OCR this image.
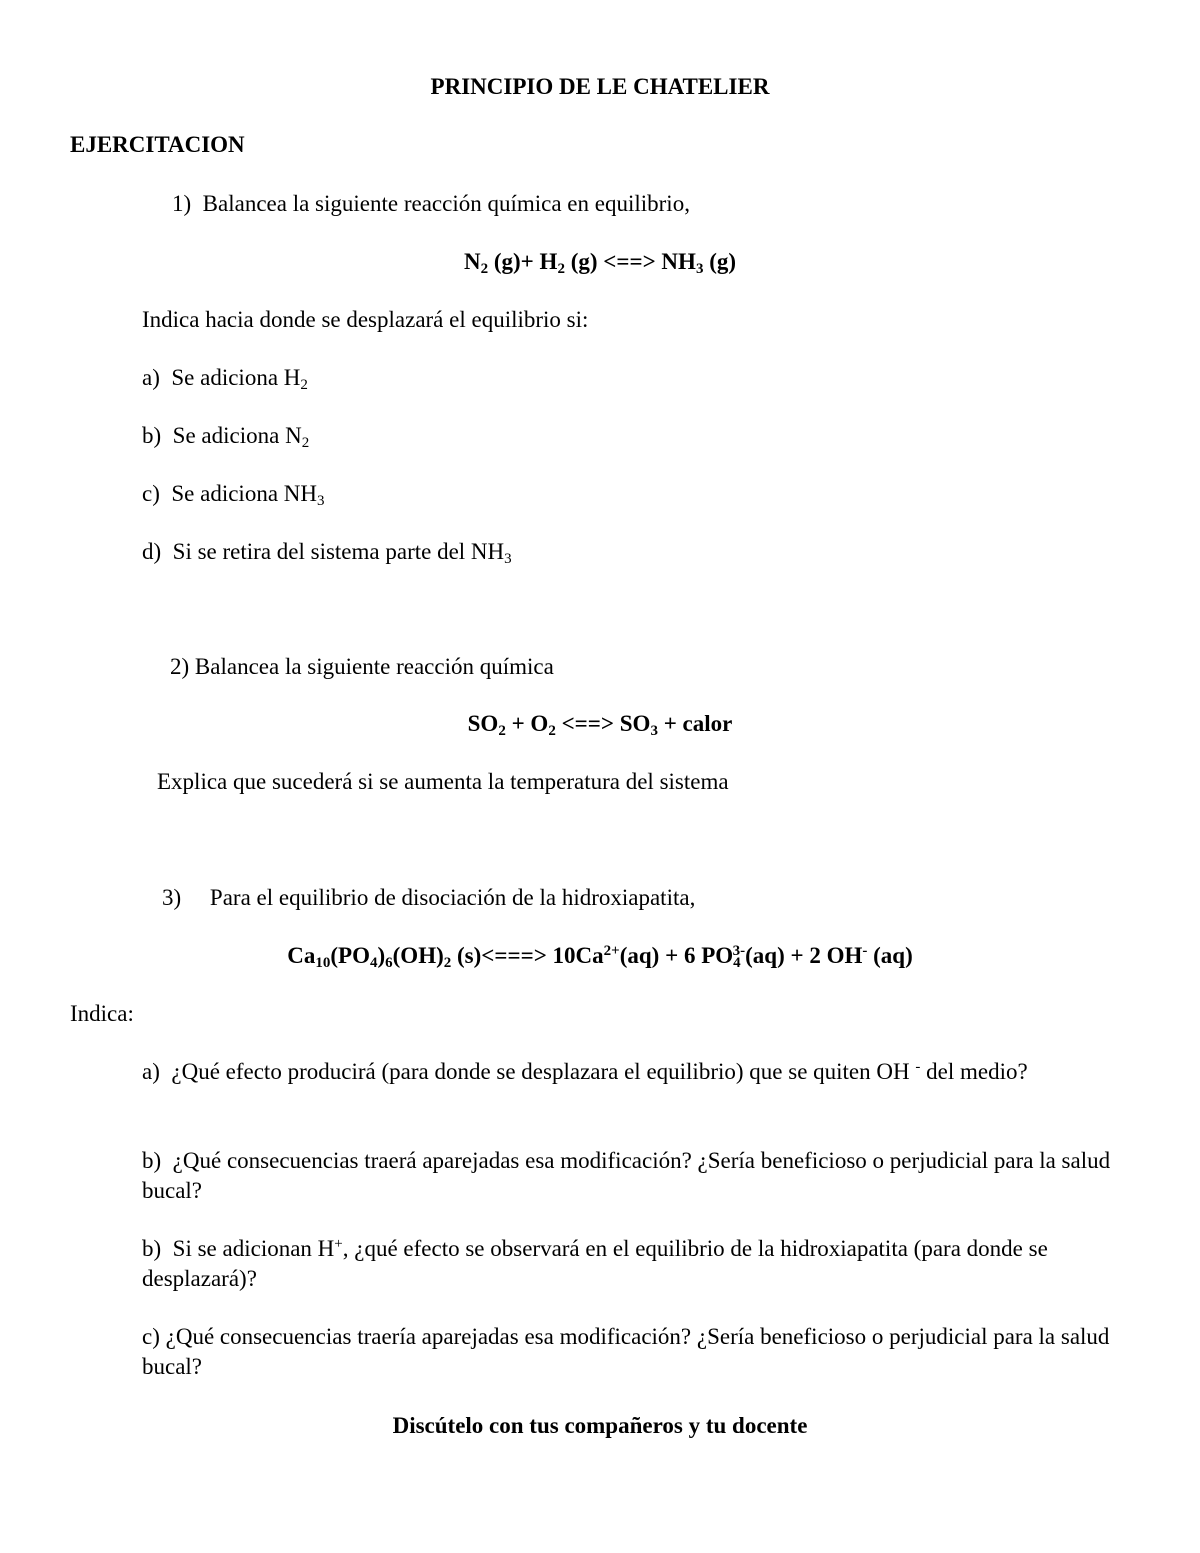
PRINCIPIO DE LE CHATELIER
EJERCITACION
1) Balancea la siguiente reacción química en equilibrio,
$N_2$ $(g)+ H_2$ (g) <==> $NH_3$ (g)
Indica hacia donde se desplazará el equilibrio si:
a) Se adiciona $H_2$
b) Se adiciona $N_2$
c) Se adiciona $NH_3$
d) Si se retira del sistema parte del $NH_3$
2) Balancea la siguiente reacción química
$SO_2 + O_2$ <==> $SO_3$ + calor
Explica que sucederá si se aumenta la temperatura del sistema
3) Para el equilibrio de disociación de la hidroxiapatita,
$Ca_{10}(PO_4)_6(OH)_2$ $(s)<===> 10Ca^{2+}(aq) + 6$ $PO_4^{3-}(aq) + 2$ OH- (aq)
Indica:
a) ¿Qué efecto producirá (para donde se desplazara el equilibrio) que se quiten OH - del medio?
b) ¿Qué consecuencias traerá aparejadas esa modificación? ¿Sería beneficioso o perjudicial para la salud bucal?
b) Si se adicionan H+, ¿qué efecto se observará en el equilibrio de la hidroxiapatita (para donde se desplazará)?
c) ¿Qué consecuencias traería aparejadas esa modificación? ¿Sería beneficioso o perjudicial para la salud bucal?
Discútelo con tus compañeros y tu docente
